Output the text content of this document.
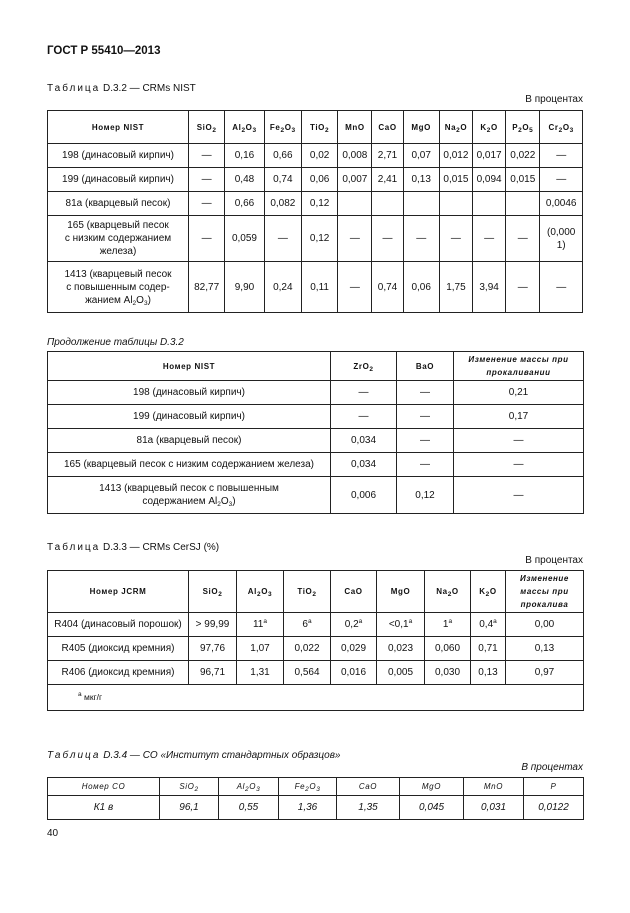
ГОСТ Р 55410—2013
Таблица D.3.2 — CRMs NIST
В процентах
Номер NIST	SiO$_2$	$Al_2O_3$	$Fe_2O_3$	TiO$_2$	MnO	CaO	MgO	$Na_2O$	$K_2O$	$P_2O_5$	$Cr_2O_3$
198 (динасовый кирпич)	—	0,16	0,66	0,02	0,008	2,71	0,07	0,012	0,017	0,022	—
199 (динасовый кирпич)	—	0,48	0,74	0,06	0,007	2,41	0,13	0,015	0,094	0,015	—
81а (кварцевый песок)	—	0,66	0,082	0,12							0,0046
165 (кварцевый песок
с низким содержанием
железа)	—	0,059	—	0,12	—	—	—	—	—	—	(0,000 1)
1413 (кварцевый песок
с повышенным содер-
жанием $Al_2O_3$)	82,77	9,90	0,24	0,11	—	0,74	0,06	1,75	3,94	—	—
Продолжение таблицы D.3.2
Номер NIST	ZrO$_2$	BaO	Изменение массы при
прокаливании
198 (динасовый кирпич)	—	—	0,21
199 (динасовый кирпич)	—	—	0,17
81а (кварцевый песок)	0,034	—	—
165 (кварцевый песок с низким содержанием железа)	0,034	—	—
1413 (кварцевый песок с повышенным
содержанием $Al_2O_3$)	0,006	0,12	—
Таблица D.3.3 — CRMs CerSJ (%)
В процентах
Номер JCRM	SiO$_2$	$Al_2O_3$	TiO$_2$	CaO	MgO	$Na_2O$	$K_2O$	Изменение
массы при
прокалива
R404 (динасовый порошок)	> 99,99	$11^а$	$6^а$	$0,2^а$	$<0,1^а$	$1^а$	$0,4^а$	0,00
R405 (диоксид кремния)	97,76	1,07	0,022	0,029	0,023	0,060	0,71	0,13
R406 (диоксид кремния)	96,71	1,31	0,564	0,016	0,005	0,030	0,13	0,97
$^а$ мкг/г								
Таблица D.3.4 — CO «Институт стандартных образцов»
В процентах
Номер СО	SiO$_2$	$Al_2O_3$	$Fe_2O_3$	CaO	MgO	MnO	P
К1 в	96,1	0,55	1,36	1,35	0,045	0,031	0,0122
40
